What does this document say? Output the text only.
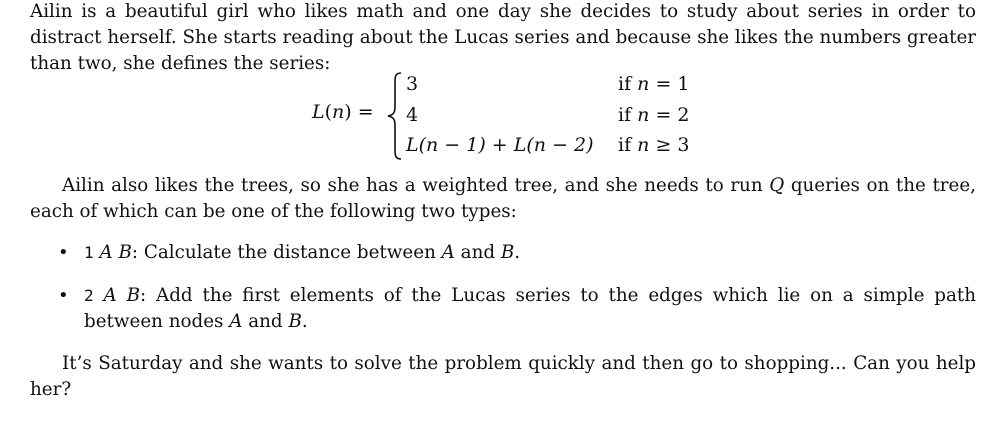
Ailin is a beautiful girl who likes math and one day she decides to study about series in order to distract herself. She starts reading about the Lucas series and because she likes the numbers greater than two, she defines the series:

L(n) =
3	if n = 1
4	if n = 2
L(n − 1) + L(n − 2) if n ≥ 3

Ailin also likes the trees, so she has a weighted tree, and she needs to run Q queries on the tree, each of which can be one of the following two types:

• 1 A B: Calculate the distance between A and B.
• 2 A B: Add the first elements of the Lucas series to the edges which lie on a simple path between nodes A and B.

It’s Saturday and she wants to solve the problem quickly and then go to shopping... Can you help her?
